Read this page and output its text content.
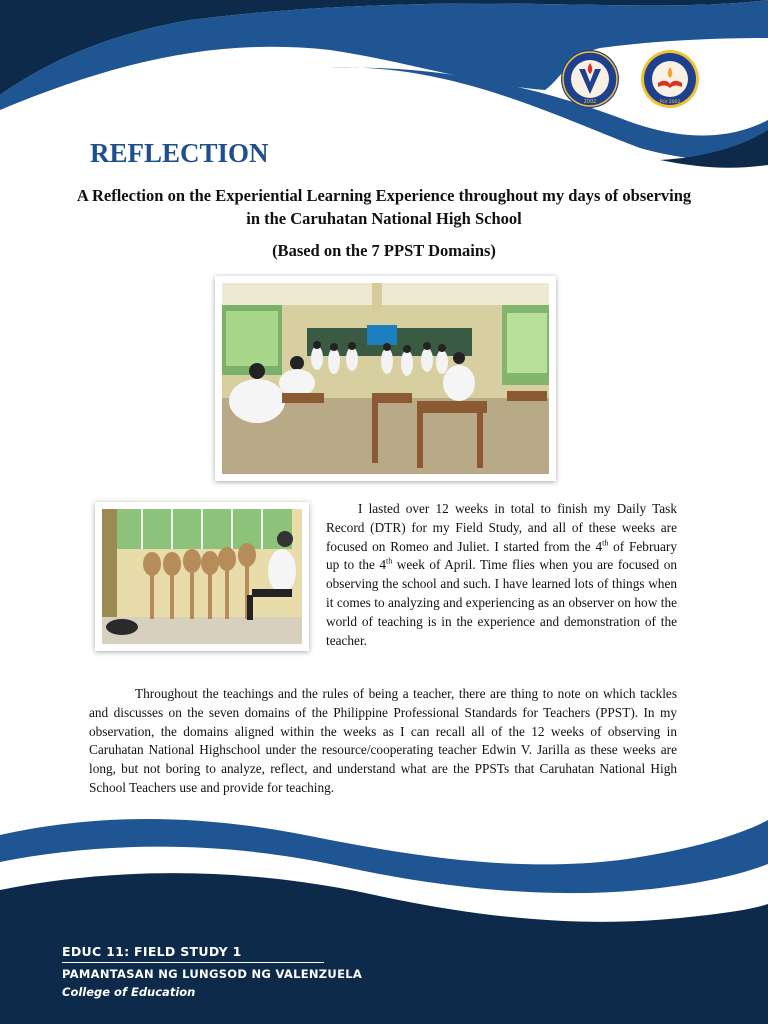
2002	PLV 2002
REFLECTION

A Reflection on the Experiential Learning Experience throughout my days of observing in the Caruhatan National High School

(Based on the 7 PPST Domains)

I lasted over 12 weeks in total to finish my Daily Task Record (DTR) for my Field Study, and all of these weeks are focused on Romeo and Juliet. I started from the 4th of February up to the 4th week of April. Time flies when you are focused on observing the school and such. I have learned lots of things when it comes to analyzing and experiencing as an observer on how the world of teaching is in the experience and demonstration of the teacher.

Throughout the teachings and the rules of being a teacher, there are thing to note on which tackles and discusses on the seven domains of the Philippine Professional Standards for Teachers (PPST). In my observation, the domains aligned within the weeks as I can recall all of the 12 weeks of observing in Caruhatan National Highschool under the resource/cooperating teacher Edwin V. Jarilla as these weeks are long, but not boring to analyze, reflect, and understand what are the PPSTs that Caruhatan National High School Teachers use and provide for teaching.

EDUC 11: FIELD STUDY 1
PAMANTASAN NG LUNGSOD NG VALENZUELA
College of Education
